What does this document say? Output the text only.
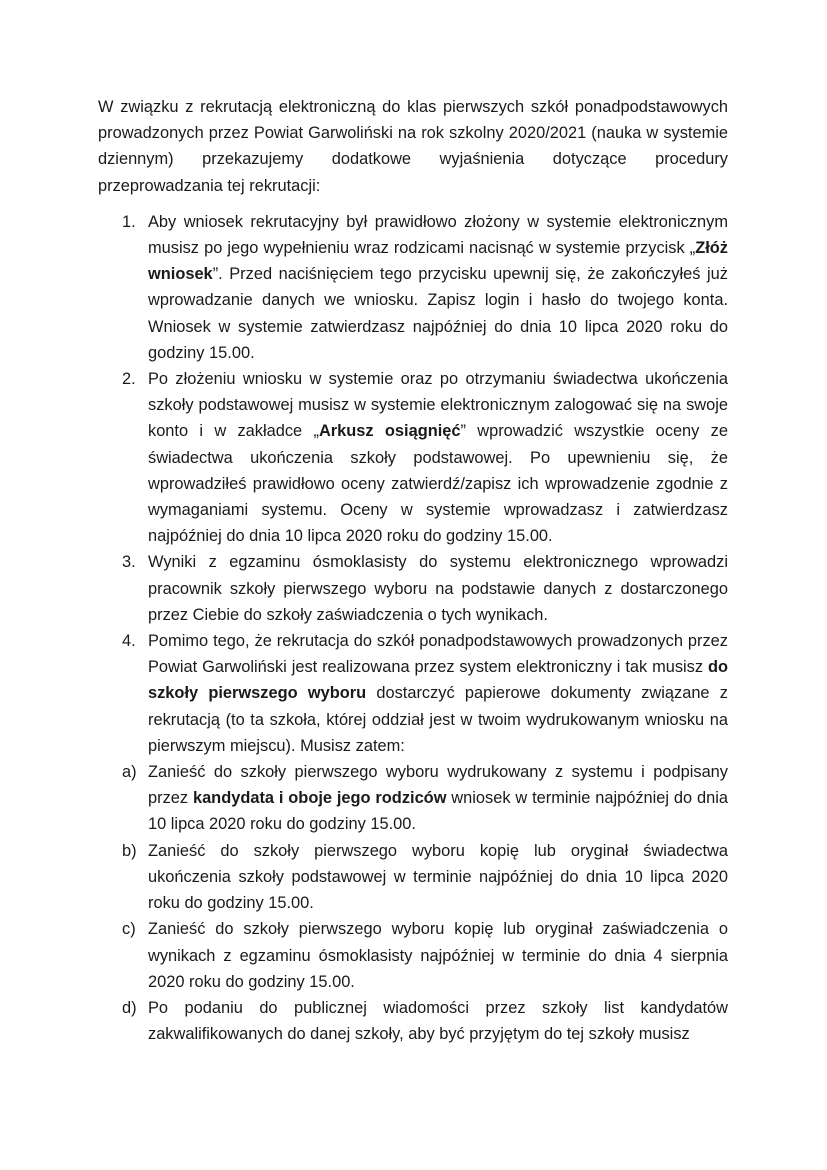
W związku z rekrutacją elektroniczną do klas pierwszych szkół ponadpodstawowych prowadzonych przez Powiat Garwoliński na rok szkolny 2020/2021 (nauka w systemie dziennym) przekazujemy dodatkowe wyjaśnienia dotyczące procedury przeprowadzania tej rekrutacji:

1. Aby wniosek rekrutacyjny był prawidłowo złożony w systemie elektronicznym musisz po jego wypełnieniu wraz rodzicami nacisnąć w systemie przycisk „Złóż wniosek”. Przed naciśnięciem tego przycisku upewnij się, że zakończyłeś już wprowadzanie danych we wniosku. Zapisz login i hasło do twojego konta. Wniosek w systemie zatwierdzasz najpóźniej do dnia 10 lipca 2020 roku do godziny 15.00.
2. Po złożeniu wniosku w systemie oraz po otrzymaniu świadectwa ukończenia szkoły podstawowej musisz w systemie elektronicznym zalogować się na swoje konto i w zakładce „Arkusz osiągnięć” wprowadzić wszystkie oceny ze świadectwa ukończenia szkoły podstawowej. Po upewnieniu się, że wprowadziłeś prawidłowo oceny zatwierdź/zapisz ich wprowadzenie zgodnie z wymaganiami systemu. Oceny w systemie wprowadzasz i zatwierdzasz najpóźniej do dnia 10 lipca 2020 roku do godziny 15.00.
3. Wyniki z egzaminu ósmoklasisty do systemu elektronicznego wprowadzi pracownik szkoły pierwszego wyboru na podstawie danych z dostarczonego przez Ciebie do szkoły zaświadczenia o tych wynikach.
4. Pomimo tego, że rekrutacja do szkół ponadpodstawowych prowadzonych przez Powiat Garwoliński jest realizowana przez system elektroniczny i tak musisz do szkoły pierwszego wyboru dostarczyć papierowe dokumenty związane z rekrutacją (to ta szkoła, której oddział jest w twoim wydrukowanym wniosku na pierwszym miejscu). Musisz zatem:
a) Zanieść do szkoły pierwszego wyboru wydrukowany z systemu i podpisany przez kandydata i oboje jego rodziców wniosek w terminie najpóźniej do dnia 10 lipca 2020 roku do godziny 15.00.
b) Zanieść do szkoły pierwszego wyboru kopię lub oryginał świadectwa ukończenia szkoły podstawowej w terminie najpóźniej do dnia 10 lipca 2020 roku do godziny 15.00.
c) Zanieść do szkoły pierwszego wyboru kopię lub oryginał zaświadczenia o wynikach z egzaminu ósmoklasisty najpóźniej w terminie do dnia 4 sierpnia 2020 roku do godziny 15.00.
d) Po podaniu do publicznej wiadomości przez szkoły list kandydatów zakwalifikowanych do danej szkoły, aby być przyjętym do tej szkoły musisz
